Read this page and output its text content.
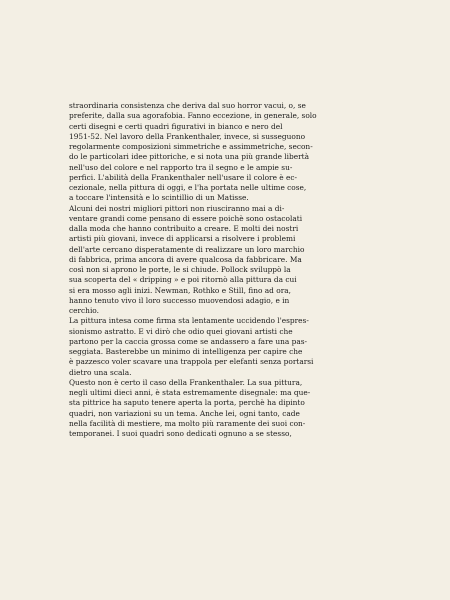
straordinaria consistenza che deriva dal suo horror vacui, o, se
preferite, dalla sua agorafobia. Fanno eccezione, in generale, solo
certi disegni e certi quadri figurativi in bianco e nero del
1951-52. Nel lavoro della Frankenthaler, invece, si susseguono
regolarmente composizioni simmetriche e assimmetriche, secon-
do le particolari idee pittoriche, e si nota una più grande libertà
nell'uso del colore e nel rapporto tra il segno e le ampie su-
perfici. L'abilità della Frankenthaler nell'usare il colore è ec-
cezionale, nella pittura di oggi, e l'ha portata nelle ultime cose,
a toccare l'intensità e lo scintillio di un Matisse.

Alcuni dei nostri migliori pittori non riusciranno mai a di-
ventare grandi come pensano di essere poichè sono ostacolati
dalla moda che hanno contribuito a creare. E molti dei nostri
artisti più giovani, invece di applicarsi a risolvere i problemi
dell'arte cercano disperatamente di realizzare un loro marchio
di fabbrica, prima ancora di avere qualcosa da fabbricare. Ma
così non si aprono le porte, le si chiude. Pollock sviluppò la
sua scoperta del « dripping » e poi ritornò alla pittura da cui
si era mosso agli inizi. Newman, Rothko e Still, fino ad ora,
hanno tenuto vivo il loro successo muovendosi adagio, e in
cerchio.

La pittura intesa come firma sta lentamente uccidendo l'espres-
sionismo astratto. E vi dirò che odio quei giovani artisti che
partono per la caccia grossa come se andassero a fare una pas-
seggiata. Basterebbe un minimo di intelligenza per capire che
è pazzesco voler scavare una trappola per elefanti senza portarsi
dietro una scala.

Questo non è certo il caso della Frankenthaler. La sua pittura,
negli ultimi dieci anni, è stata estremamente disegnale: ma que-
sta pittrice ha saputo tenere aperta la porta, perchè ha dipinto
quadri, non variazioni su un tema. Anche lei, ogni tanto, cade
nella facilità di mestiere, ma molto più raramente dei suoi con-
temporanei. I suoi quadri sono dedicati ognuno a se stesso,
